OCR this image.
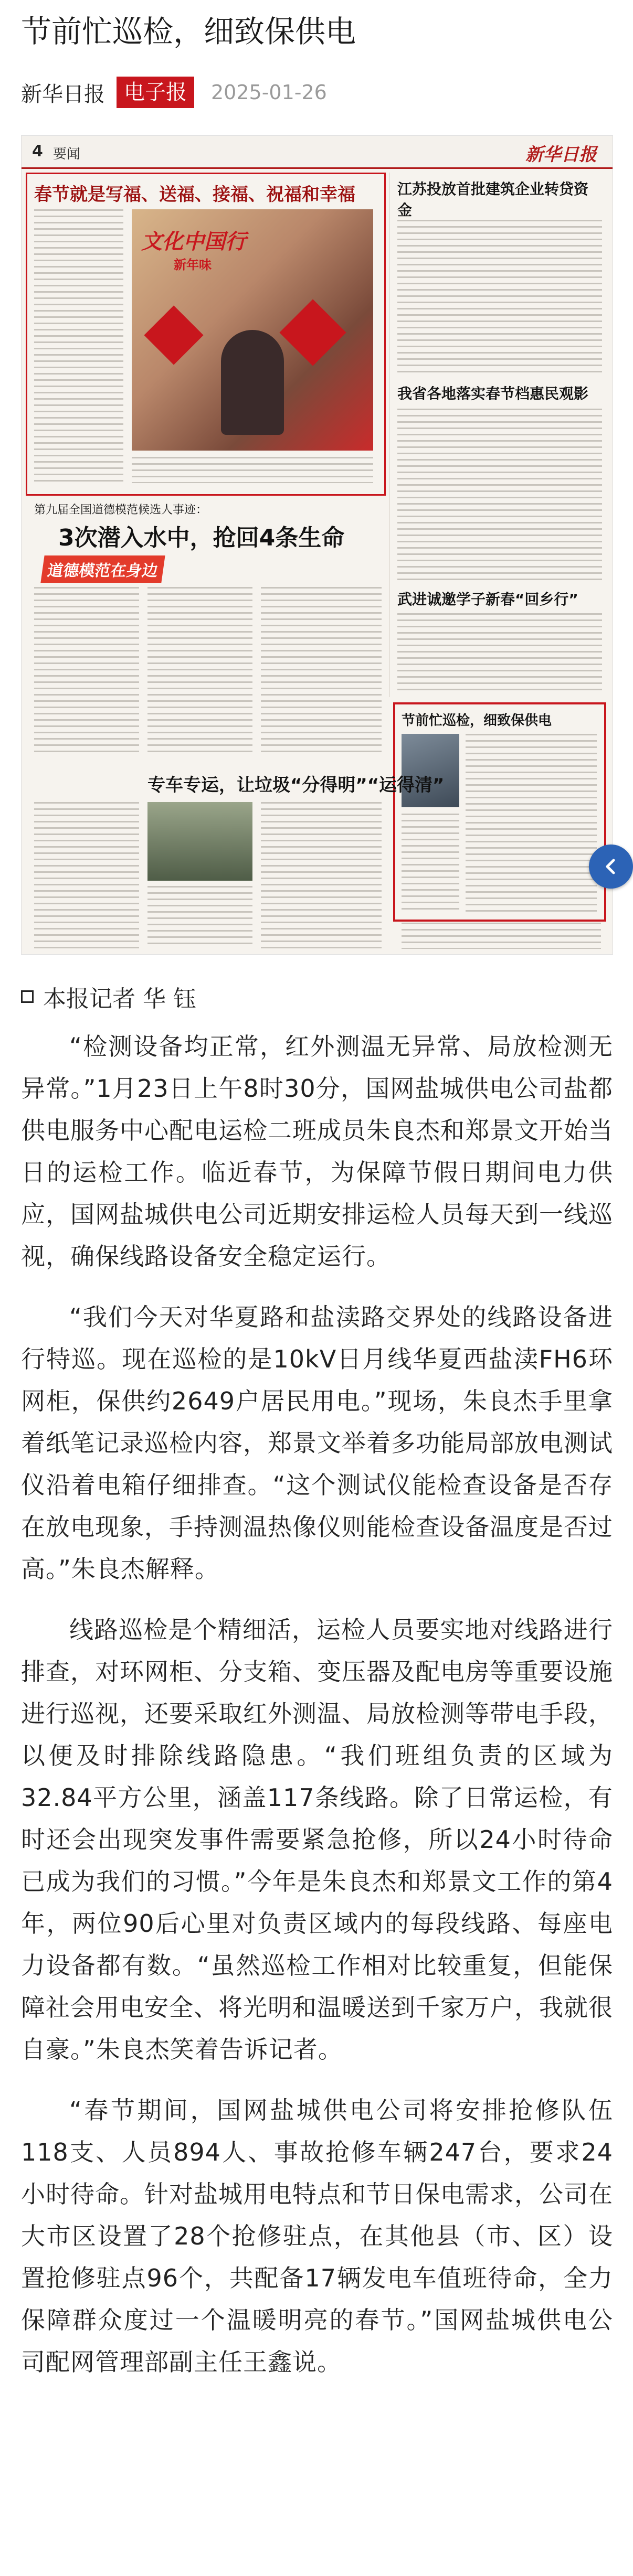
节前忙巡检，细致保供电
新华日报 电子报	2025-01-26
4 要闻	新华日报
春节就是写福、送福、接福、祝福和幸福
文化中国行
新年味
江苏投放首批建筑企业转贷资金
我省各地落实春节档惠民观影
武进诚邀学子新春“回乡行”
节前忙巡检，细致保供电
第九届全国道德模范候选人事迹：
3次潜入水中，抢回4条生命
道德模范在身边
专车专运，让垃圾“分得明”“运得清”
本报记者 华 钰

“检测设备均正常，红外测温无异常、局放检测无异常。”1月23日上午8时30分，国网盐城供电公司盐都供电服务中心配电运检二班成员朱良杰和郑景文开始当日的运检工作。临近春节，为保障节假日期间电力供应，国网盐城供电公司近期安排运检人员每天到一线巡视，确保线路设备安全稳定运行。

“我们今天对华夏路和盐渎路交界处的线路设备进行特巡。现在巡检的是10kV日月线华夏西盐渎FH6环网柜，保供约2649户居民用电。”现场，朱良杰手里拿着纸笔记录巡检内容，郑景文举着多功能局部放电测试仪沿着电箱仔细排查。“这个测试仪能检查设备是否存在放电现象，手持测温热像仪则能检查设备温度是否过高。”朱良杰解释。

线路巡检是个精细活，运检人员要实地对线路进行排查，对环网柜、分支箱、变压器及配电房等重要设施进行巡视，还要采取红外测温、局放检测等带电手段，以便及时排除线路隐患。“我们班组负责的区域为32.84平方公里，涵盖117条线路。除了日常运检，有时还会出现突发事件需要紧急抢修，所以24小时待命已成为我们的习惯。”今年是朱良杰和郑景文工作的第4年，两位90后心里对负责区域内的每段线路、每座电力设备都有数。“虽然巡检工作相对比较重复，但能保障社会用电安全、将光明和温暖送到千家万户，我就很自豪。”朱良杰笑着告诉记者。

“春节期间，国网盐城供电公司将安排抢修队伍118支、人员894人、事故抢修车辆247台，要求24小时待命。针对盐城用电特点和节日保电需求，公司在大市区设置了28个抢修驻点，在其他县（市、区）设置抢修驻点96个，共配备17辆发电车值班待命，全力保障群众度过一个温暖明亮的春节。”国网盐城供电公司配网管理部副主任王鑫说。
